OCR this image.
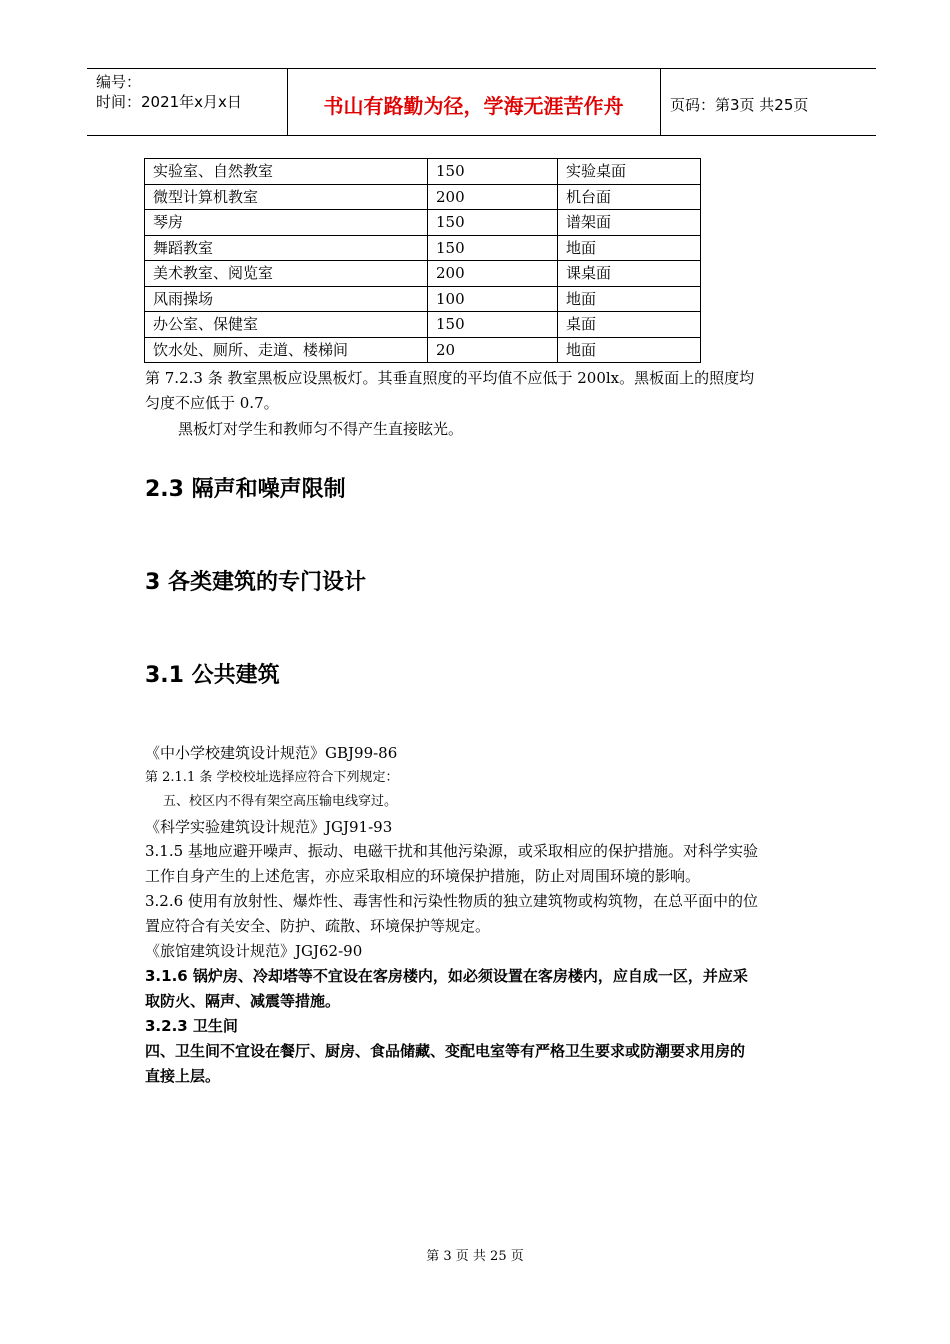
编号：
时间：2021年x月x日	书山有路勤为径，学海无涯苦作舟	页码：第3页 共25页
实验室、自然教室	150	实验桌面
微型计算机教室	200	机台面
琴房	150	谱架面
舞蹈教室	150	地面
美术教室、阅览室	200	课桌面
风雨操场	100	地面
办公室、保健室	150	桌面
饮水处、厕所、走道、楼梯间	20	地面
第 7.2.3 条 教室黑板应设黑板灯。其垂直照度的平均值不应低于 200lx。黑板面上的照度均
匀度不应低于 0.7。
黑板灯对学生和教师匀不得产生直接眩光。
2.3 隔声和噪声限制
3 各类建筑的专门设计
3.1 公共建筑
《中小学校建筑设计规范》GBJ99-86
第 2.1.1 条 学校校址选择应符合下列规定：
五、校区内不得有架空高压输电线穿过。
《科学实验建筑设计规范》JGJ91-93
3.1.5 基地应避开噪声、振动、电磁干扰和其他污染源，或采取相应的保护措施。对科学实验
工作自身产生的上述危害，亦应采取相应的环境保护措施，防止对周围环境的影响。
3.2.6 使用有放射性、爆炸性、毒害性和污染性物质的独立建筑物或构筑物，在总平面中的位
置应符合有关安全、防护、疏散、环境保护等规定。
《旅馆建筑设计规范》JGJ62-90
3.1.6 锅炉房、冷却塔等不宜设在客房楼内，如必须设置在客房楼内，应自成一区，并应采
取防火、隔声、减震等措施。
3.2.3 卫生间
四、卫生间不宜设在餐厅、厨房、食品储藏、变配电室等有严格卫生要求或防潮要求用房的
直接上层。
第 3 页 共 25 页
